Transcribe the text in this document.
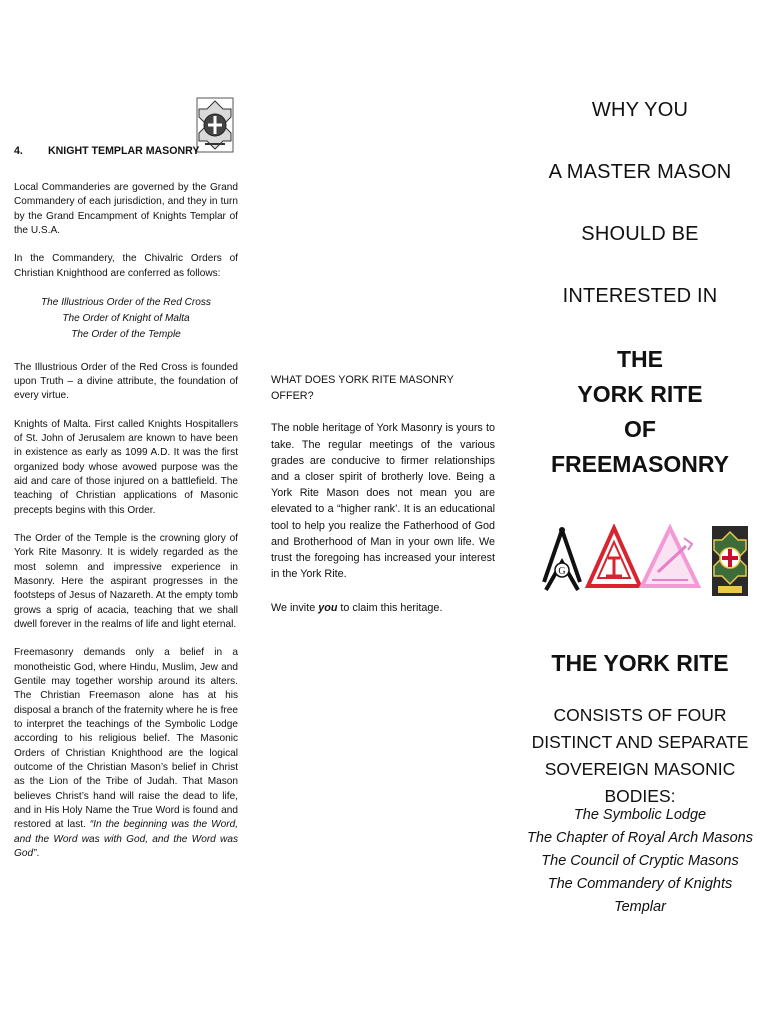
4.	KNIGHT TEMPLAR MASONRY

Local Commanderies are governed by the Grand Commandery of each jurisdiction, and they in turn by the Grand Encampment of Knights Templar of the U.S.A.

In the Commandery, the Chivalric Orders of Christian Knighthood are conferred as follows:

The Illustrious Order of the Red Cross
The Order of Knight of Malta
The Order of the Temple

The Illustrious Order of the Red Cross is founded upon Truth – a divine attribute, the foundation of every virtue.

Knights of Malta. First called Knights Hospitallers of St. John of Jerusalem are known to have been in existence as early as 1099 A.D. It was the first organized body whose avowed purpose was the aid and care of those injured on a battlefield. The teaching of Christian applications of Masonic precepts begins with this Order.

The Order of the Temple is the crowning glory of York Rite Masonry. It is widely regarded as the most solemn and impressive experience in Masonry. Here the aspirant progresses in the footsteps of Jesus of Nazareth. At the empty tomb grows a sprig of acacia, teaching that we shall dwell forever in the realms of life and light eternal.

Freemasonry demands only a belief in a monotheistic God, where Hindu, Muslim, Jew and Gentile may together worship around its alters. The Christian Freemason alone has at his disposal a branch of the fraternity where he is free to interpret the teachings of the Symbolic Lodge according to his religious belief. The Masonic Orders of Christian Knighthood are the logical outcome of the Christian Mason’s belief in Christ as the Lion of the Tribe of Judah. That Mason believes Christ’s hand will raise the dead to life, and in His Holy Name the True Word is found and restored at last. “In the beginning was the Word, and the Word was with God, and the Word was God”.

WHAT DOES YORK RITE MASONRY OFFER?

The noble heritage of York Masonry is yours to take. The regular meetings of the various grades are conducive to firmer relationships and a closer spirit of brotherly love. Being a York Rite Mason does not mean you are elevated to a “higher rank’. It is an educational tool to help you realize the Fatherhood of God and Brotherhood of Man in your own life. We trust the foregoing has increased your interest in the York Rite.

We invite you to claim this heritage.

WHY YOU
A MASTER MASON
SHOULD BE
INTERESTED IN
THE
YORK RITE
OF
FREEMASONRY
G
THE YORK RITE
CONSISTS OF FOUR
DISTINCT AND SEPARATE
SOVEREIGN MASONIC BODIES:
The Symbolic Lodge
The Chapter of Royal Arch Masons
The Council of Cryptic Masons
The Commandery of Knights Templar
